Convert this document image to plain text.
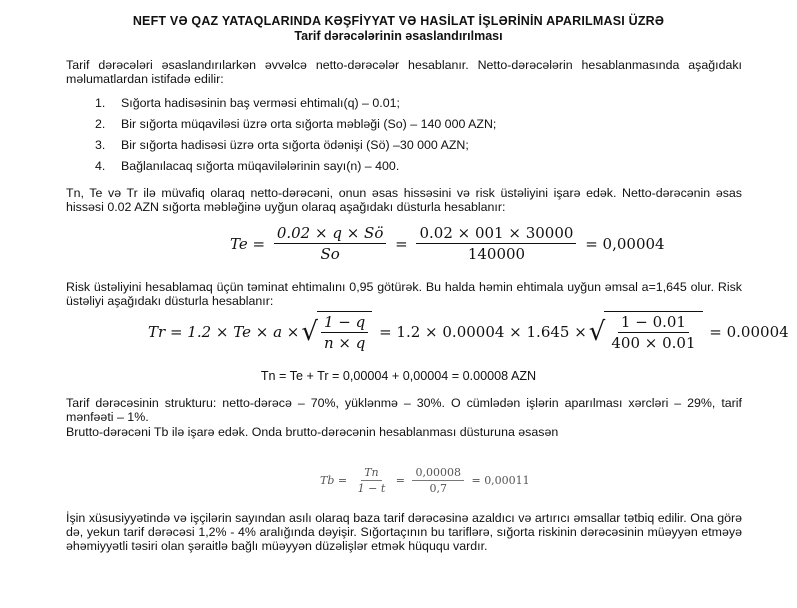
NEFT VƏ QAZ YATAQLARINDA KƏŞFİYYAT VƏ HASİLAT İŞLƏRİNİN APARILMASI ÜZRƏ
Tarif dərəcələrinin əsaslandırılması
Tarif dərəcələri əsaslandırılarkən əvvəlcə netto-dərəcələr hesablanır. Netto-dərəcələrin hesablanmasında aşağıdakı məlumatlardan istifadə edilir:
1. Sığorta hadisəsinin baş verməsi ehtimalı(q) – 0.01;
2. Bir sığorta müqaviləsi üzrə orta sığorta məbləği (So) – 140 000 AZN;
3. Bir sığorta hadisəsi üzrə orta sığorta ödənişi (Sö) –30 000 AZN;
4. Bağlanılacaq sığorta müqavilələrinin sayı(n) – 400.
Tn, Te və Tr ilə müvafiq olaraq netto-dərəcəni, onun əsas hissəsini və risk üstəliyini işarə edək. Netto-dərəcənin əsas hissəsi 0.02 AZN sığorta məbləğinə uyğun olaraq aşağıdakı düsturla hesablanır:
$Te = \frac{0.02 \times q \times Sö}{So} = \frac{0.02 \times 001 \times 30000}{140000} = 0,00004$
Risk üstəliyini hesablamaq üçün təminat ehtimalını 0,95 götürək. Bu halda həmin ehtimala uyğun əmsal a=1,645 olur. Risk üstəliyi aşağıdakı düsturla hesablanır:
Tr = 1.2 × Te × a × √ $\frac{1 - q}{n \times q} = 1.2 \times 0.00004 \times 1.645$ × √ $\frac{1 - 0.01}{400 \times 0.01} = 0.00004$
Tn = Te + Tr = 0,00004 + 0,00004 = 0.00008 AZN
Tarif dərəcəsinin strukturu: netto-dərəcə – 70%, yüklənmə – 30%. O cümlədən işlərin aparılması xərcləri – 29%, tarif mənfəəti – 1%.
Brutto-dərəcəni Tb ilə işarə edək. Onda brutto-dərəcənin hesablanması düsturuna əsasən
$Tb = \frac{Tn}{1 - t} = \frac{0,00008}{0,7} = 0,00011$
İşin xüsusiyyətində və işçilərin sayından asılı olaraq baza tarif dərəcəsinə azaldıcı və artırıcı əmsallar tətbiq edilir. Ona görə də, yekun tarif dərəcəsi 1,2% - 4% aralığında dəyişir. Sığortaçının bu tariflərə, sığorta riskinin dərəcəsinin müəyyən etməyə əhəmiyyətli təsiri olan şəraitlə bağlı müəyyən düzəlişlər etmək hüququ vardır.
